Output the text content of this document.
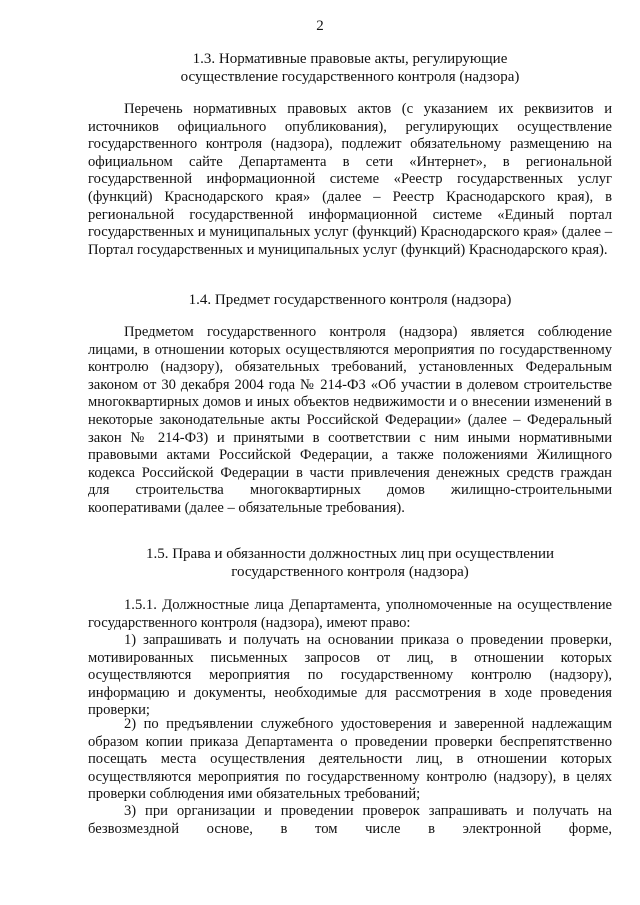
2
1.3. Нормативные правовые акты, регулирующие
осуществление государственного контроля (надзора)
Перечень нормативных правовых актов (с указанием их реквизитов и источников официального опубликования), регулирующих осуществление государственного контроля (надзора), подлежит обязательному размещению на официальном сайте Департамента в сети «Интернет», в региональной государственной информационной системе «Реестр государственных услуг (функций) Краснодарского края» (далее – Реестр Краснодарского края), в региональной государственной информационной системе «Единый портал государственных и муниципальных услуг (функций) Краснодарского края» (далее – Портал государственных и муниципальных услуг (функций) Краснодарского края).
1.4. Предмет государственного контроля (надзора)
Предметом государственного контроля (надзора) является соблюдение лицами, в отношении которых осуществляются мероприятия по государственному контролю (надзору), обязательных требований, установленных Федеральным законом от 30 декабря 2004 года № 214-ФЗ «Об участии в долевом строительстве многоквартирных домов и иных объектов недвижимости и о внесении изменений в некоторые законодательные акты Российской Федерации» (далее – Федеральный закон № 214-ФЗ) и принятыми в соответствии с ним иными нормативными правовыми актами Российской Федерации, а также положениями Жилищного кодекса Российской Федерации в части привлечения денежных средств граждан для строительства многоквартирных домов жилищно-строительными кооперативами (далее – обязательные требования).
1.5. Права и обязанности должностных лиц при осуществлении
государственного контроля (надзора)
1.5.1. Должностные лица Департамента, уполномоченные на осуществление государственного контроля (надзора), имеют право:
1) запрашивать и получать на основании приказа о проведении проверки, мотивированных письменных запросов от лиц, в отношении которых осуществляются мероприятия по государственному контролю (надзору), информацию и документы, необходимые для рассмотрения в ходе проведения проверки;
2) по предъявлении служебного удостоверения и заверенной надлежащим образом копии приказа Департамента о проведении проверки беспрепятственно посещать места осуществления деятельности лиц, в отношении которых осуществляются мероприятия по государственному контролю (надзору), в целях проверки соблюдения ими обязательных требований;
3) при организации и проведении проверок запрашивать и получать на безвозмездной основе, в том числе в электронной форме,
